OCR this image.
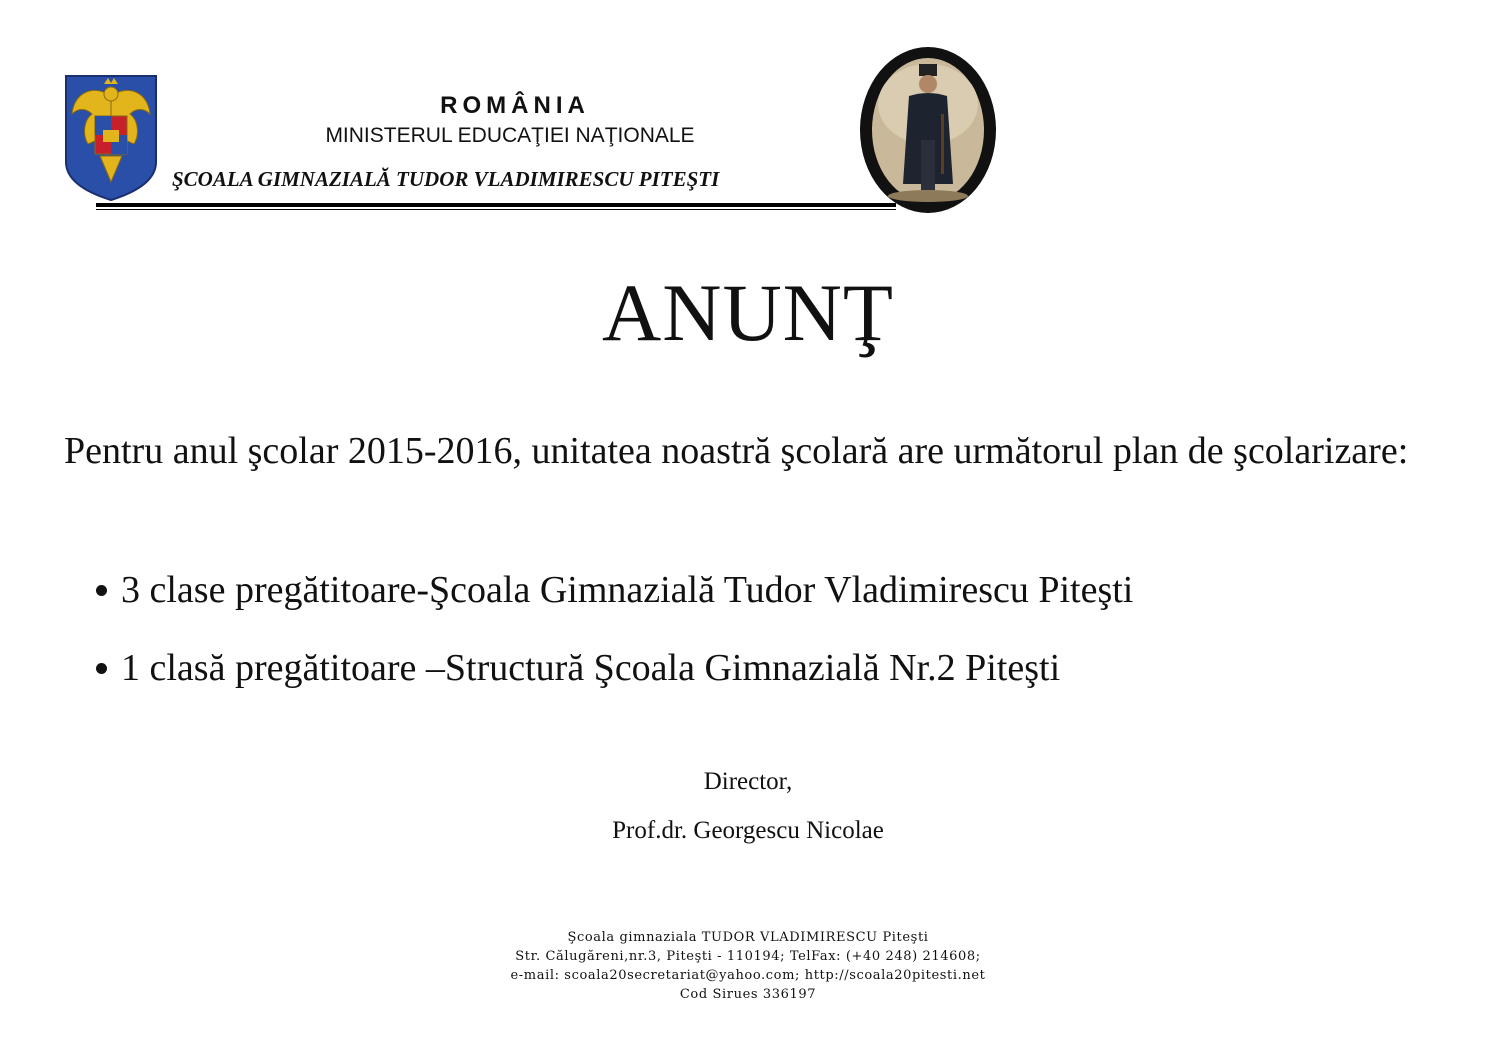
ROMÂNIA
MINISTERUL EDUCAŢIEI NAŢIONALE
ŞCOALA GIMNAZIALĂ TUDOR VLADIMIRESCU PITEŞTI
ANUNŢ
Pentru anul şcolar 2015-2016, unitatea noastră şcolară are următorul plan de şcolarizare:
3 clase pregătitoare-Şcoala Gimnazială Tudor Vladimirescu Piteşti
1 clasă pregătitoare –Structură Şcoala Gimnazială Nr.2 Piteşti
Director,
Prof.dr. Georgescu Nicolae
Şcoala gimnaziala TUDOR VLADIMIRESCU Piteşti
Str. Călugăreni,nr.3, Piteşti - 110194; TelFax: (+40 248) 214608;
e-mail: scoala20secretariat@yahoo.com; http://scoala20pitesti.net
Cod Sirues 336197
